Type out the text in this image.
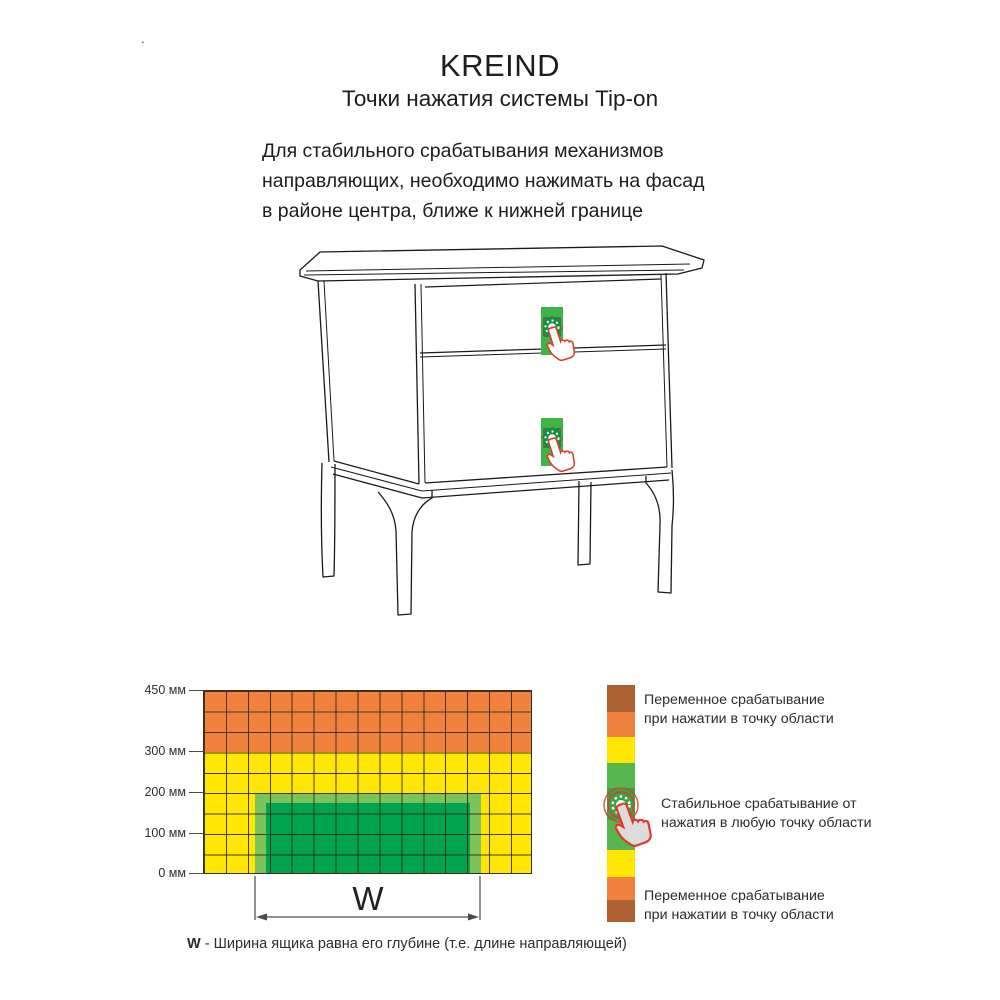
.
KREIND
Точки нажатия системы Tip-on
Для стабильного срабатывания механизмов
направляющих, необходимо нажимать на фасад
в районе центра, ближе к нижней границе
450 мм
300 мм
200 мм
100 мм
0 мм
W
W - Ширина ящика равна его глубине (т.е. длине направляющей)
Переменное срабатывание
при нажатии в точку области
Стабильное срабатывание от
нажатия в любую точку области
Переменное срабатывание
при нажатии в точку области
